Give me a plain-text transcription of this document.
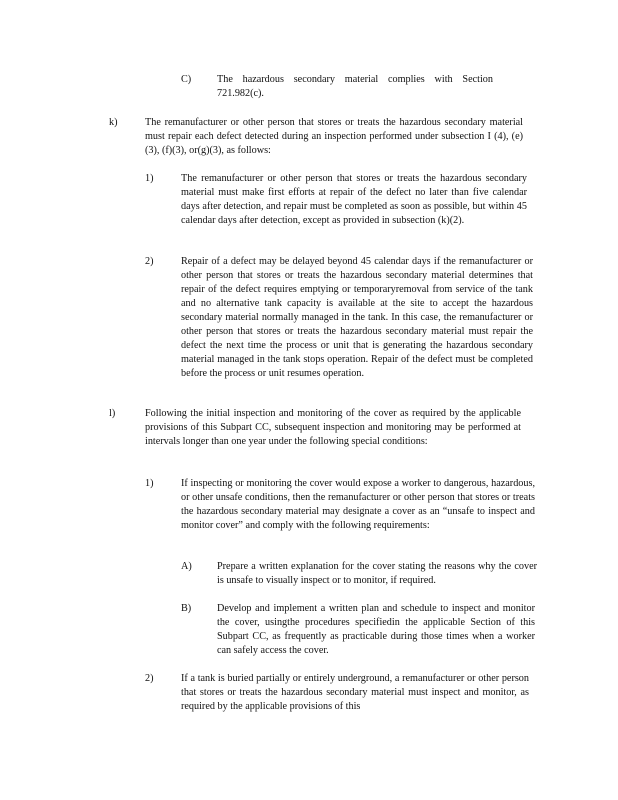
C)	The hazardous secondary material complies with Section 721.982(c).
k)	The remanufacturer or other person that stores or treats the hazardous secondary material must repair each defect detected during an inspection performed under subsection I (4), (e)(3), (f)(3), or(g)(3), as follows:
1)	The remanufacturer or other person that stores or treats the hazardous secondary material must make first efforts at repair of the defect no later than five calendar days after detection, and repair must be completed as soon as possible, but within 45 calendar days after detection, except as provided in subsection (k)(2).
2)	Repair of a defect may be delayed beyond 45 calendar days if the remanufacturer or other person that stores or treats the hazardous secondary material determines that repair of the defect requires emptying or temporaryremoval from service of the tank and no alternative tank capacity is available at the site to accept the hazardous secondary material normally managed in the tank. In this case, the remanufacturer or other person that stores or treats the hazardous secondary material must repair the defect the next time the process or unit that is generating the hazardous secondary material managed in the tank stops operation. Repair of the defect must be completed before the process or unit resumes operation.
l)	Following the initial inspection and monitoring of the cover as required by the applicable provisions of this Subpart CC, subsequent inspection and monitoring may be performed at intervals longer than one year under the following special conditions:
1)	If inspecting or monitoring the cover would expose a worker to dangerous, hazardous, or other unsafe conditions, then the remanufacturer or other person that stores or treats the hazardous secondary material may designate a cover as an “unsafe to inspect and monitor cover” and comply with the following requirements:
A) Prepare a written explanation for the cover stating the reasons why the cover is unsafe to visually inspect or to monitor, if required.
B)	Develop and implement a written plan and schedule to inspect and monitor the cover, usingthe procedures specifiedin the applicable Section of this Subpart CC, as frequently as practicable during those times when a worker can safely access the cover.
2)	If a tank is buried partially or entirely underground, a remanufacturer or other person that stores or treats the hazardous secondary material must inspect and monitor, as required by the applicable provisions of this
